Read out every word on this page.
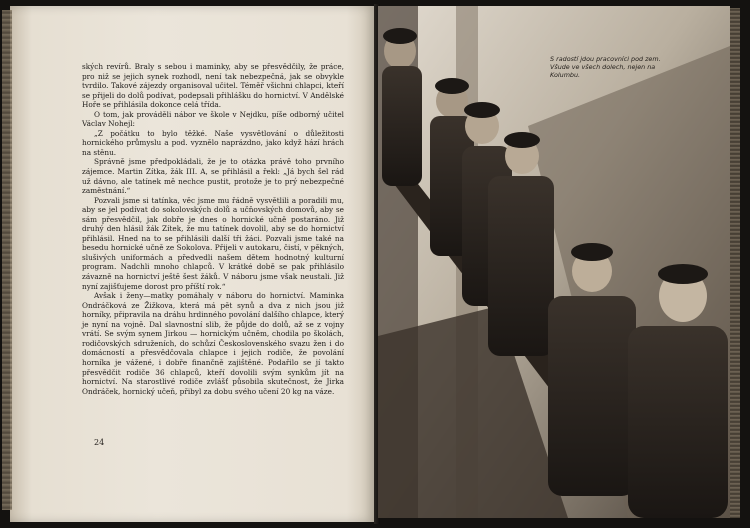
ských revírů. Braly s sebou i maminky, aby se přesvědčily, že práce, pro niž se jejich synek rozhodl, není tak nebezpečná, jak se obvykle tvrdilo. Takové zájezdy organisoval učitel. Téměř všichni chlapci, kteří se přijeli do dolů podívat, podepsali přihlášku do hornictví. V Andělské Hoře se přihlásila dokonce celá třída.

O tom, jak prováděli nábor ve škole v Nejdku, píše odborný učitel Václav Nohejl:

„Z počátku to bylo těžké. Naše vysvětlování o důležitosti hornického průmyslu a pod. vyznělo naprázdno, jako když hází hrách na stěnu.

Správně jsme předpokládali, že je to otázka právě toho prvního zájemce. Martin Zítka, žák III. A, se přihlásil a řekl: „Já bych šel rád už dávno, ale tatínek mě nechce pustit, protože je to prý nebezpečné zaměstnání.“

Pozvali jsme si tatínka, věc jsme mu řádně vysvětlili a poradili mu, aby se jel podívat do sokolovských dolů a učňovských domovů, aby se sám přesvědčil, jak dobře je dnes o hornické učně postaráno. Již druhý den hlásil žák Zítek, že mu tatínek dovolil, aby se do hornictví přihlásil. Hned na to se přihlásili další tři žáci. Pozvali jsme také na besedu hornické učně ze Sokolova. Přijeli v autokaru, čistí, v pěkných, slušivých uniformách a předvedli našem dětem hodnotný kulturní program. Nadchli mnoho chlapců. V krátké době se pak přihlásilo závazně na hornictví ještě šest žáků. V náboru jsme však neustali. Již nyní zajišťujeme dorost pro příští rok.“

Avšak i ženy—matky pomáhaly v náboru do hornictví. Maminka Ondráčková ze Žižkova, která má pět synů a dva z nich jsou již horníky, připravila na dráhu hrdinného povolání dalšího chlapce, který je nyní na vojně. Dal slavnostní slib, že půjde do dolů, až se z vojny vrátí. Se svým synem Jirkou — hornickým učněm, chodila po školách, rodičovských sdruženích, do schůzí Československého svazu žen i do domácností a přesvědčovala chlapce i jejich rodiče, že povolání horníka je vážené, i dobře finančně zajištěné. Podařilo se jí takto přesvědčit rodiče 36 chlapců, kteří dovolili svým synkům jít na hornictví. Na starostlivé rodiče zvlášť působila skutečnost, že Jirka Ondráček, hornický učeň, přibyl za dobu svého učení 20 kg na váze.

24
S radostí jdou pracovníci pod zem. Všude ve všech dolech, nejen na Kolumbu.
